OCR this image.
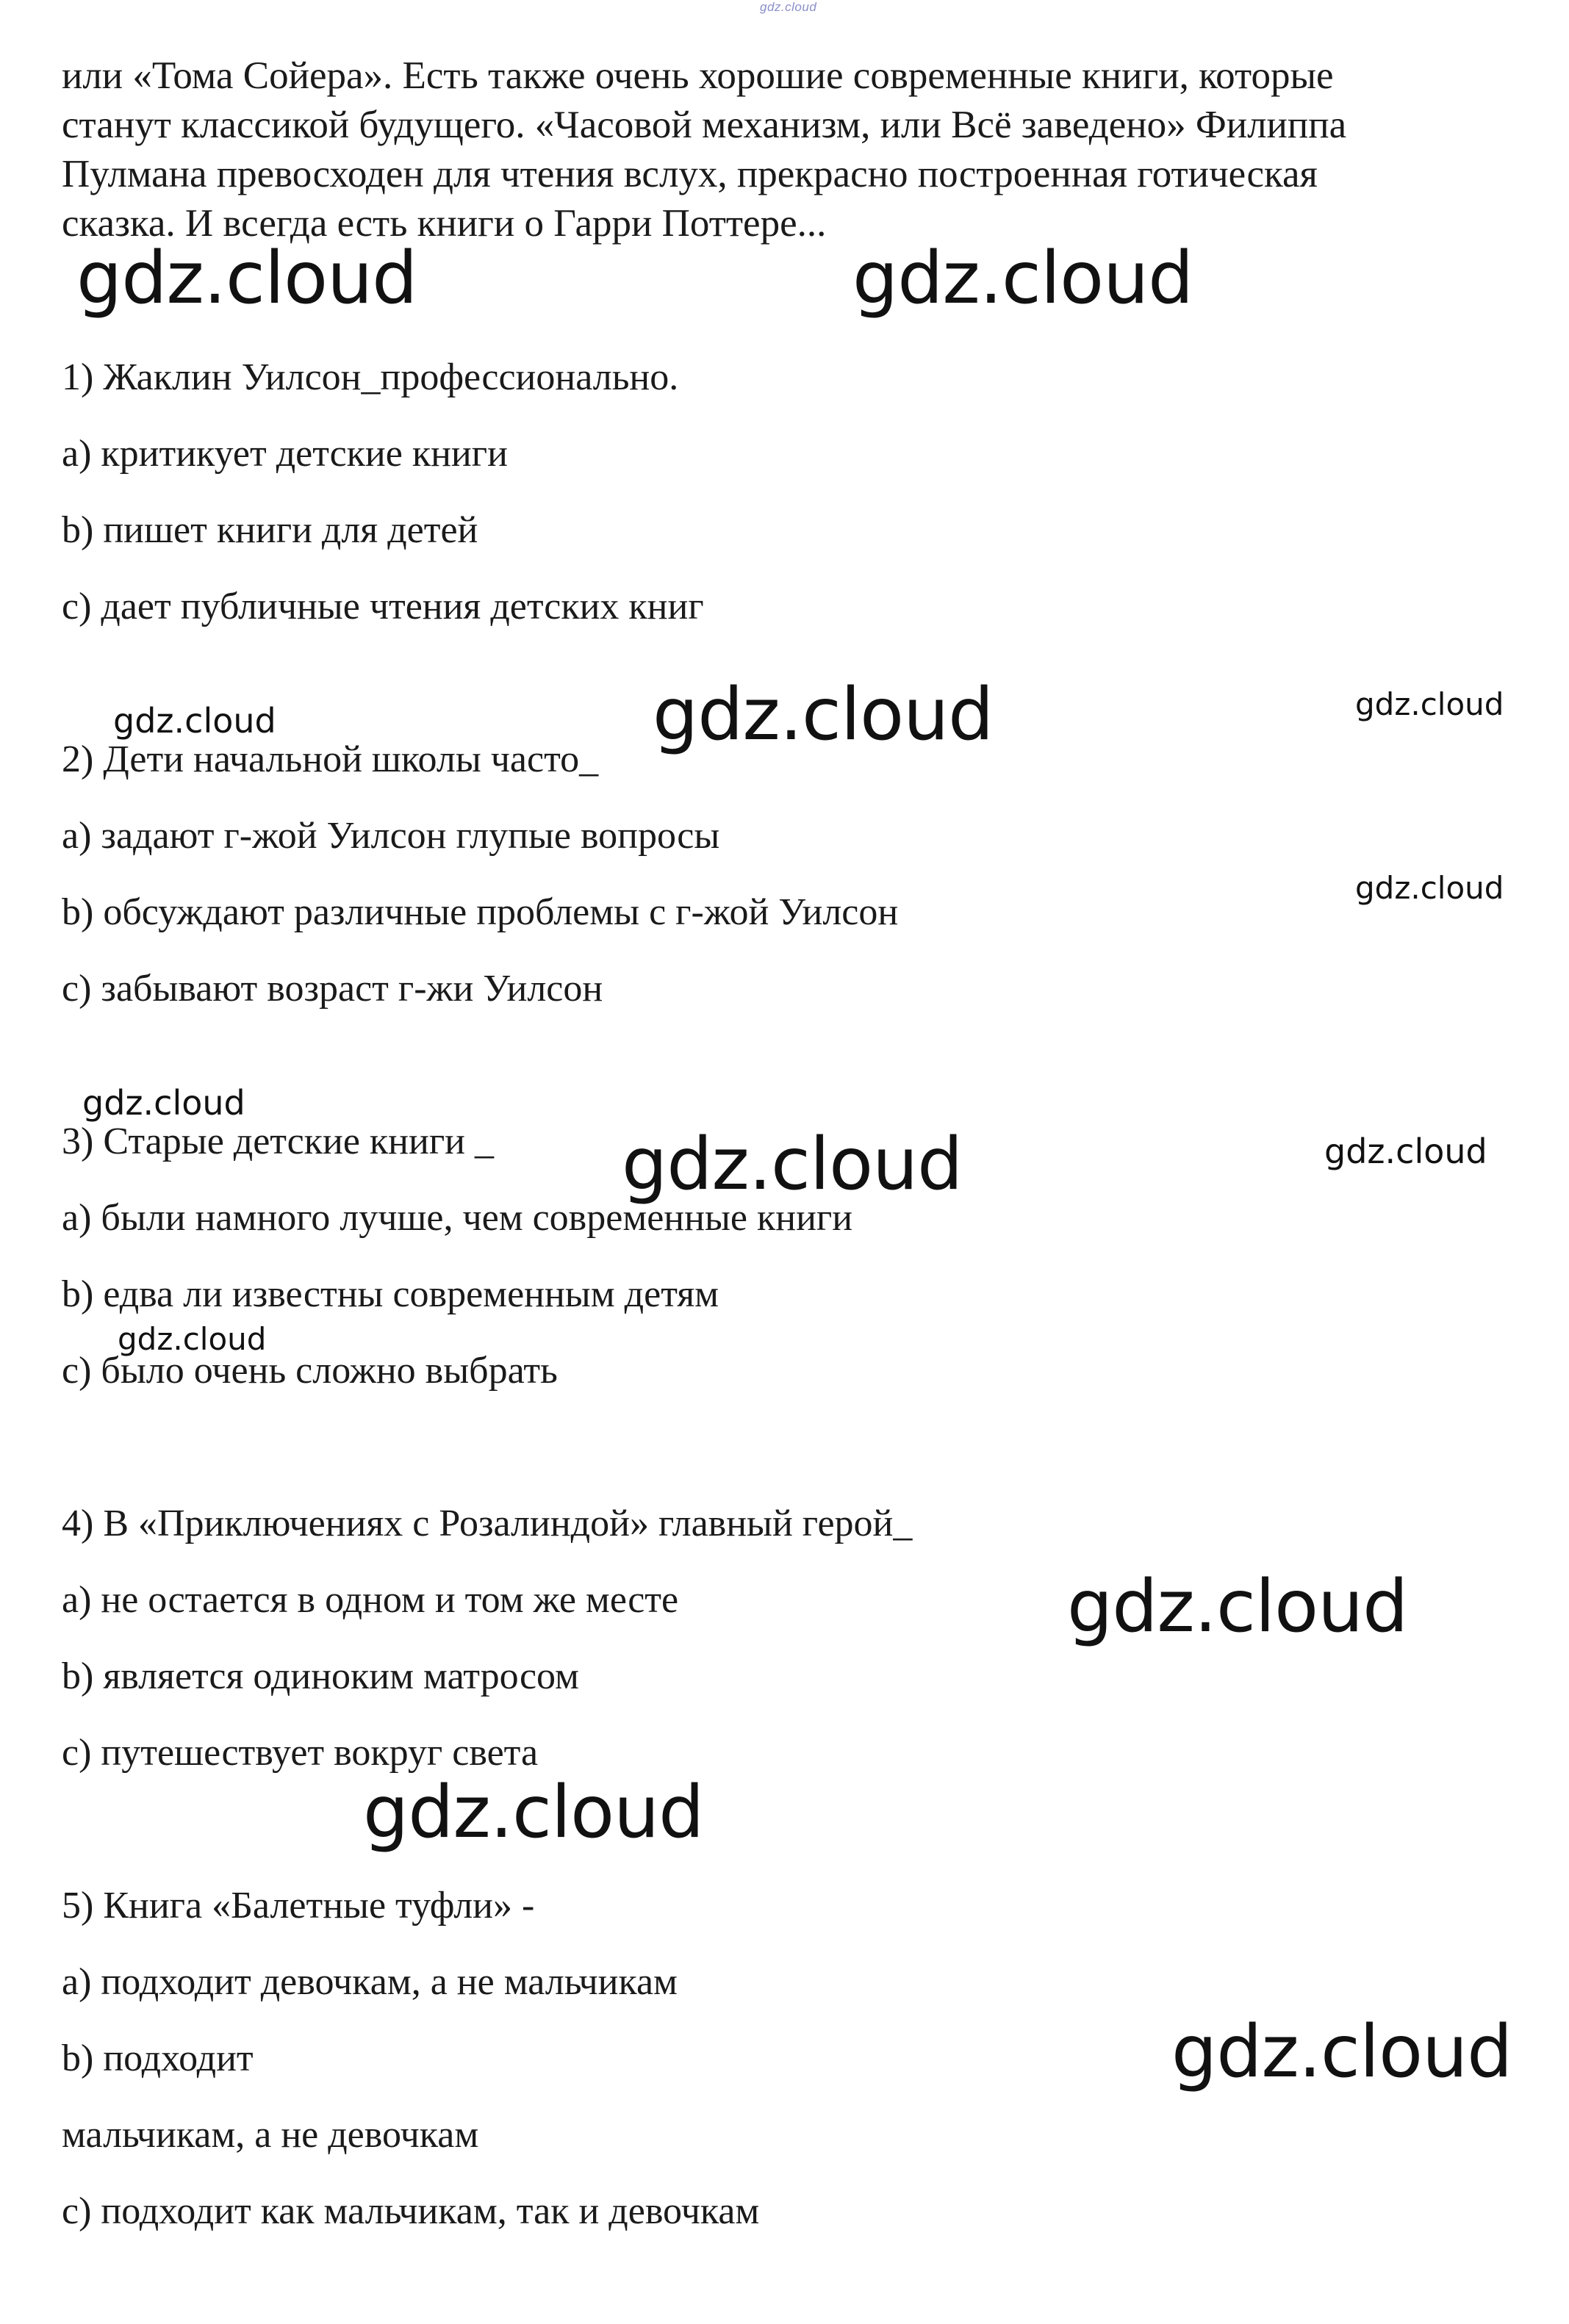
gdz.cloud

или «Тома Сойера». Есть также очень хорошие современные книги, которые

станут классикой будущего. «Часовой механизм, или Всё заведено» Филиппа

Пулмана превосходен для чтения вслух, прекрасно построенная готическая

сказка. И всегда есть книги о Гарри Поттере...

1) Жаклин Уилсон_профессионально.
a) критикует детские книги
b) пишет книги для детей
c) дает публичные чтения детских книг
2) Дети начальной школы часто_
a) задают г-жой Уилсон глупые вопросы
b) обсуждают различные проблемы с г-жой Уилсон
c) забывают возраст г-жи Уилсон
3) Старые детские книги _
a) были намного лучше, чем современные книги
b) едва ли известны современным детям
c) было очень сложно выбрать
4) В «Приключениях с Розалиндой» главный герой_
a) не остается в одном и том же месте
b) является одиноким матросом
c) путешествует вокруг света
5) Книга «Балетные туфли» -
a) подходит девочкам, а не мальчикам
b) подходит
мальчикам, а не девочкам
c) подходит как мальчикам, так и девочкам
gdz.cloud	gdz.cloud
gdz.cloud	gdz.cloud	gdz.cloud
gdz.cloud
gdz.cloud
gdz.cloud	gdz.cloud
gdz.cloud
gdz.cloud
gdz.cloud
gdz.cloud
